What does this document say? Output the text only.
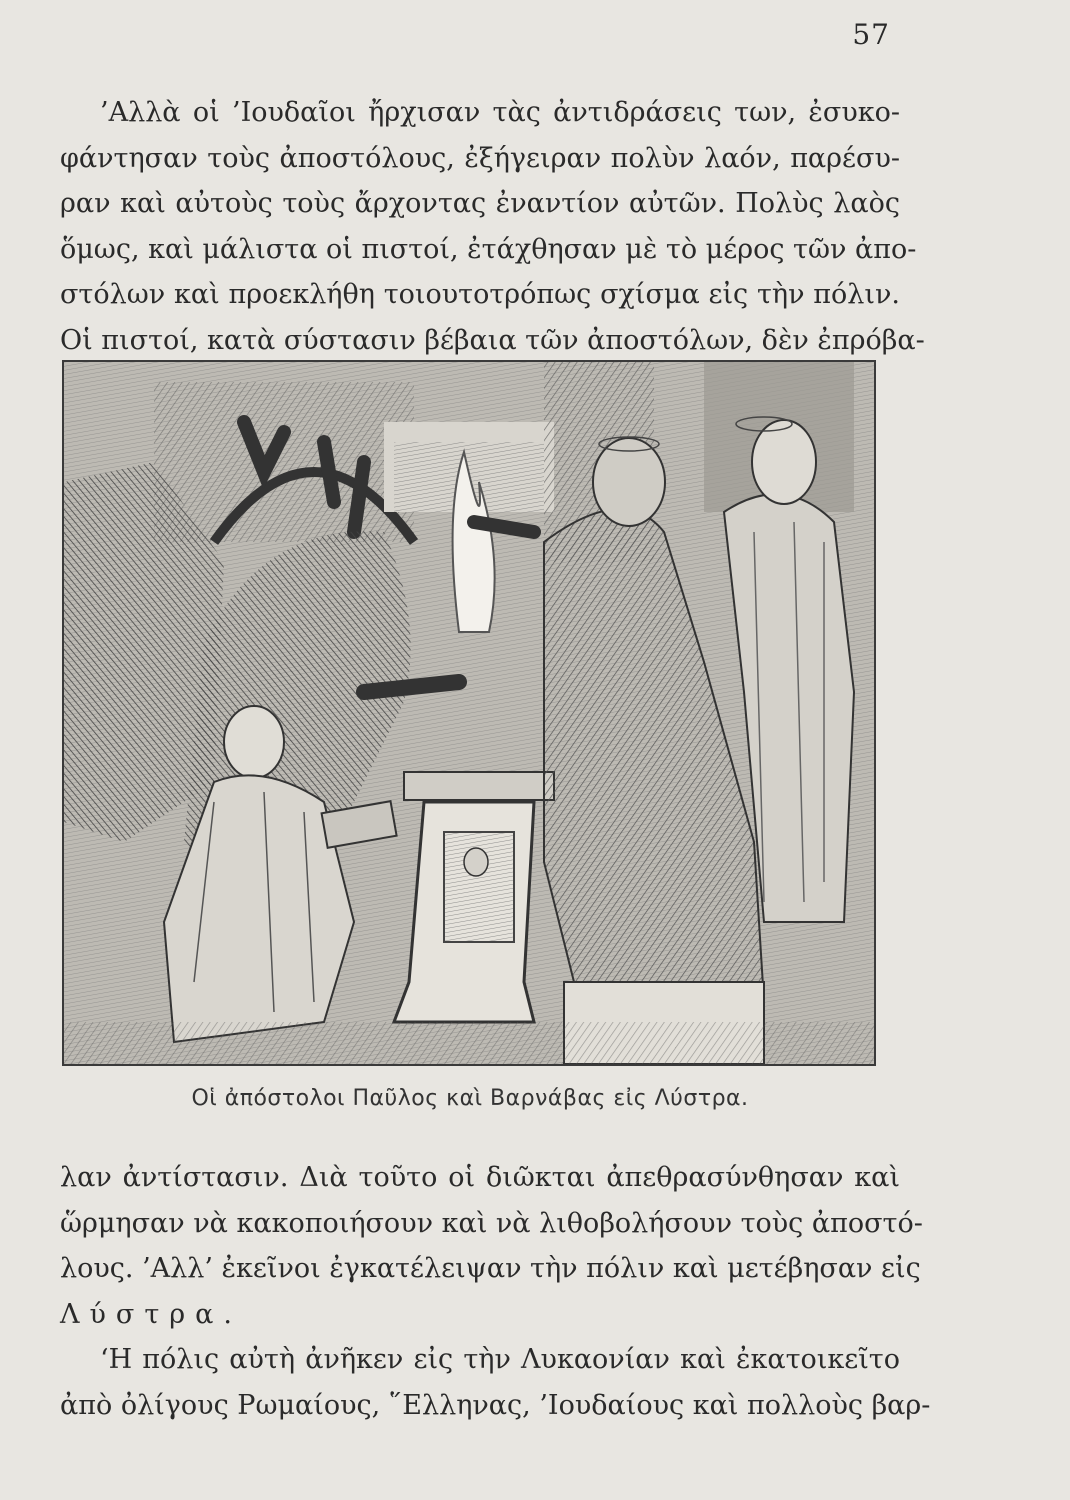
57
’Αλλὰ οἱ ’Ιουδαῖοι ἤρχισαν τὰς ἀντιδράσεις των, ἐσυκο-
φάντησαν τοὺς ἀποστόλους, ἐξήγειραν πολὺν λαόν, παρέσυ-
ραν καὶ αὐτοὺς τοὺς ἄρχοντας ἐναντίον αὐτῶν. Πολὺς λαὸς
ὅμως, καὶ μάλιστα οἱ πιστοί, ἐτάχθησαν μὲ τὸ μέρος τῶν ἀπο-
στόλων καὶ προεκλήθη τοιουτοτρόπως σχίσμα εἰς τὴν πόλιν.
Οἱ πιστοί, κατὰ σύστασιν βέβαια τῶν ἀποστόλων, δὲν ἐπρόβα-
Οἱ ἀπόστολοι Παῦλος καὶ Βαρνάβας εἰς Λύστρα.
λαν ἀντίστασιν. Διὰ τοῦτο οἱ διῶκται ἀπεθρασύνθησαν καὶ
ὥρμησαν νὰ κακοποιήσουν καὶ νὰ λιθοβολήσουν τοὺς ἀποστό-
λους. ’Αλλ’ ἐκεῖνοι ἐγκατέλειψαν τὴν πόλιν καὶ μετέβησαν εἰς
Λύστρα.
‘Η πόλις αὐτὴ ἀνῆκεν εἰς τὴν Λυκαονίαν καὶ ἐκατοικεῖτο
ἀπὸ ὀλίγους Ρωμαίους, ῞Ελληνας, ’Ιουδαίους καὶ πολλοὺς βαρ-
